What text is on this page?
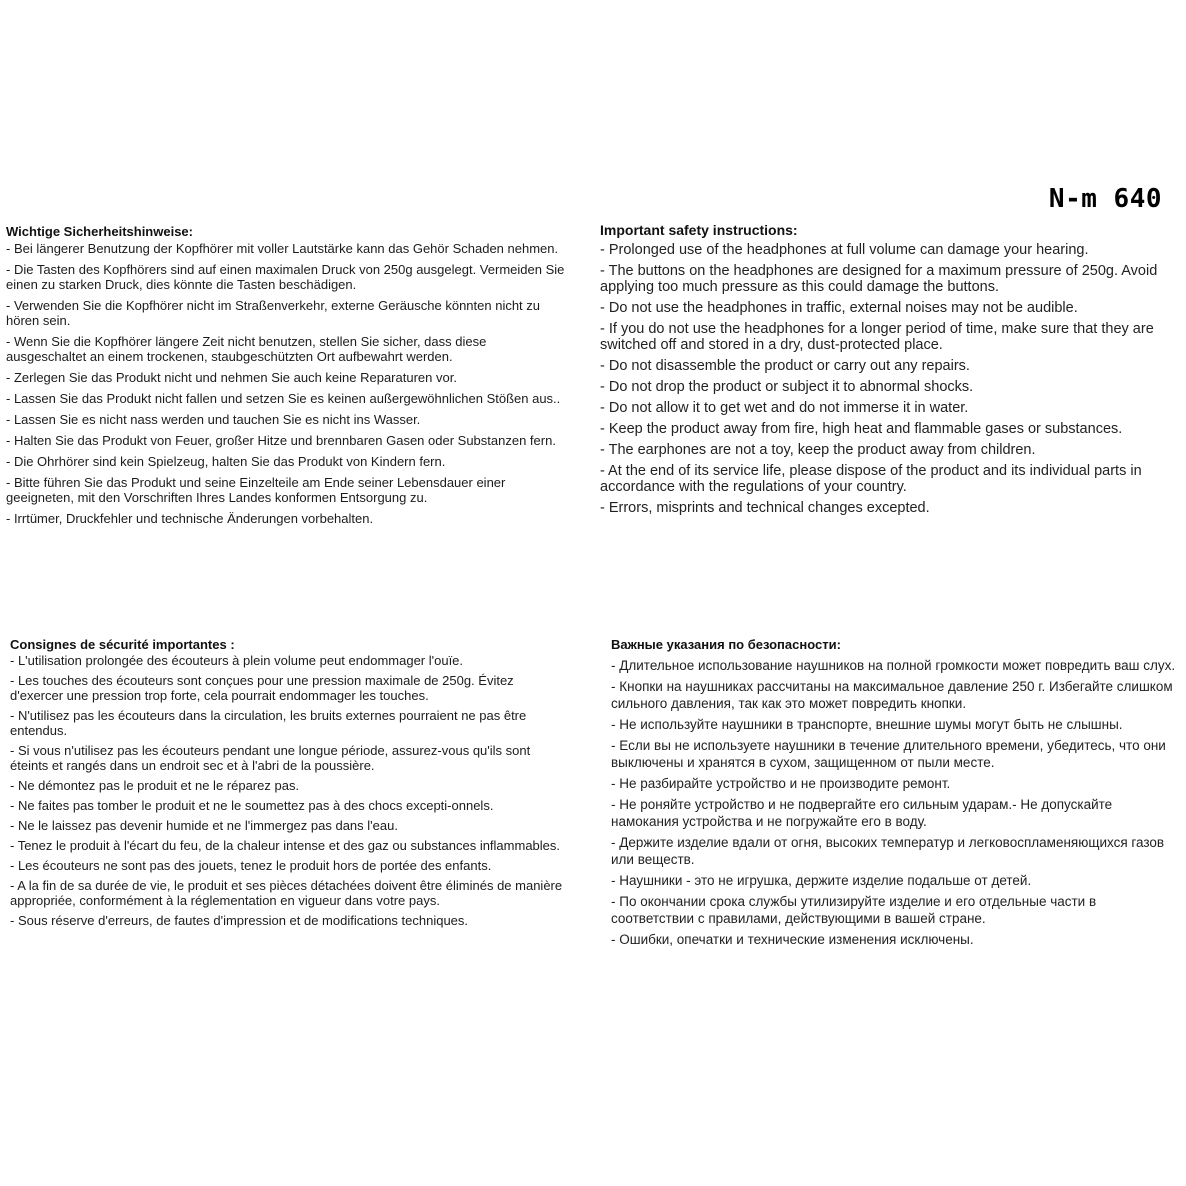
N-m 640
Wichtige Sicherheitshinweise:
- Bei längerer Benutzung der Kopfhörer mit voller Lautstärke kann das Gehör Schaden nehmen.
- Die Tasten des Kopfhörers sind auf einen maximalen Druck von 250g ausgelegt. Vermeiden Sie einen zu starken Druck, dies könnte die Tasten beschädigen.
- Verwenden Sie die Kopfhörer nicht im Straßenverkehr, externe Geräusche könnten nicht zu hören sein.
- Wenn Sie die Kopfhörer längere Zeit nicht benutzen, stellen Sie sicher, dass diese ausgeschaltet an einem trockenen, staubgeschützten Ort aufbewahrt werden.
- Zerlegen Sie das Produkt nicht und nehmen Sie auch keine Reparaturen vor.
- Lassen Sie das Produkt nicht fallen und setzen Sie es keinen außergewöhnlichen Stößen aus..
- Lassen Sie es nicht nass werden und tauchen Sie es nicht ins Wasser.
- Halten Sie das Produkt von Feuer, großer Hitze und brennbaren Gasen oder Substanzen fern.
- Die Ohrhörer sind kein Spielzeug, halten Sie das Produkt von Kindern fern.
- Bitte führen Sie das Produkt und seine Einzelteile am Ende seiner Lebensdauer einer geeigneten, mit den Vorschriften Ihres Landes konformen Entsorgung zu.
- Irrtümer, Druckfehler und technische Änderungen vorbehalten.
Important safety instructions:
- Prolonged use of the headphones at full volume can damage your hearing.
- The buttons on the headphones are designed for a maximum pressure of 250g. Avoid applying too much pressure as this could damage the buttons.
- Do not use the headphones in traffic, external noises may not be audible.
- If you do not use the headphones for a longer period of time, make sure that they are switched off and stored in a dry, dust-protected place.
- Do not disassemble the product or carry out any repairs.
- Do not drop the product or subject it to abnormal shocks.
- Do not allow it to get wet and do not immerse it in water.
- Keep the product away from fire, high heat and flammable gases or substances.
- The earphones are not a toy, keep the product away from children.
- At the end of its service life, please dispose of the product and its individual parts in accordance with the regulations of your country.
- Errors, misprints and technical changes excepted.
Consignes de sécurité importantes :
- L'utilisation prolongée des écouteurs à plein volume peut endommager l'ouïe.
- Les touches des écouteurs sont conçues pour une pression maximale de 250g. Évitez d'exercer une pression trop forte, cela pourrait endommager les touches.
- N'utilisez pas les écouteurs dans la circulation, les bruits externes pourraient ne pas être entendus.
- Si vous n'utilisez pas les écouteurs pendant une longue période, assurez-vous qu'ils sont éteints et rangés dans un endroit sec et à l'abri de la poussière.
- Ne démontez pas le produit et ne le réparez pas.
- Ne faites pas tomber le produit et ne le soumettez pas à des chocs excepti-onnels.
- Ne le laissez pas devenir humide et ne l'immergez pas dans l'eau.
- Tenez le produit à l'écart du feu, de la chaleur intense et des gaz ou substances inflammables.
- Les écouteurs ne sont pas des jouets, tenez le produit hors de portée des enfants.
- A la fin de sa durée de vie, le produit et ses pièces détachées doivent être éliminés de manière appropriée, conformément à la réglementation en vigueur dans votre pays.
- Sous réserve d'erreurs, de fautes d'impression et de modifications techniques.
Важные указания по безопасности:
- Длительное использование наушников на полной громкости может повредить ваш слух.
- Кнопки на наушниках рассчитаны на максимальное давление 250 г. Избегайте слишком сильного давления, так как это может повредить кнопки.
- Не используйте наушники в транспорте, внешние шумы могут быть не слышны.
- Если вы не используете наушники в течение длительного времени, убедитесь, что они выключены и хранятся в сухом, защищенном от пыли месте.
- Не разбирайте устройство и не производите ремонт.
- Не роняйте устройство и не подвергайте его сильным ударам.- Не допускайте намокания устройства и не погружайте его в воду.
- Держите изделие вдали от огня, высоких температур и легковоспламеняющихся газов или веществ.
- Наушники - это не игрушка, держите изделие подальше от детей.
- По окончании срока службы утилизируйте изделие и его отдельные части в соответствии с правилами, действующими в вашей стране.
- Ошибки, опечатки и технические изменения исключены.
